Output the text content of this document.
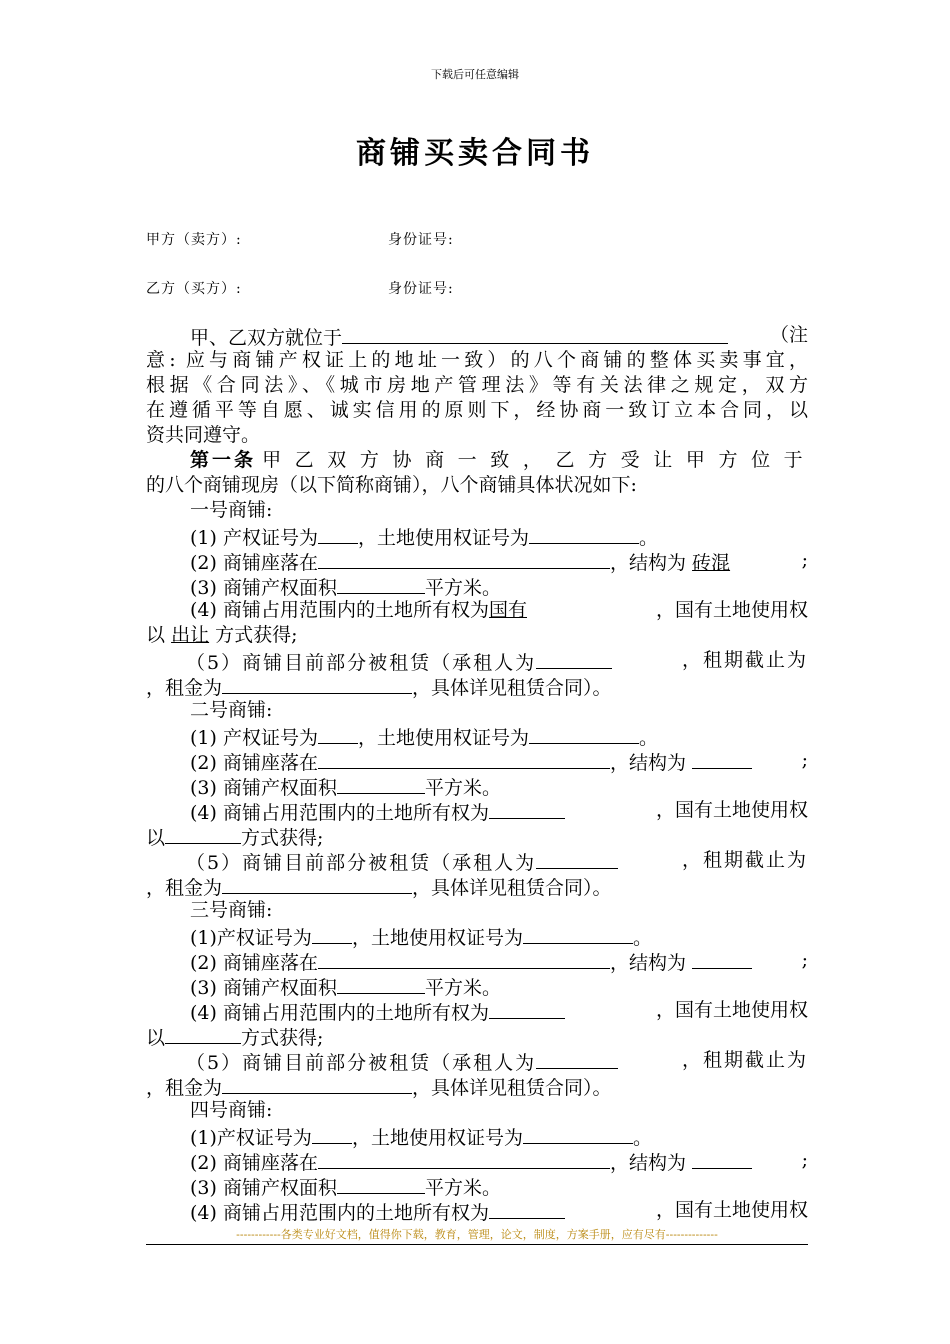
下载后可任意编辑
商铺买卖合同书
甲方（卖方）:	身份证号:
乙方（买方）:	身份证号:
甲、乙双方就位于	（注
意: 应与商铺产权证上的地址一致）的八个商铺的整体买卖事宜，
根据《合同法》、《城市房地产管理法》等有关法律之规定，双方
在遵循平等自愿、诚实信用的原则下，经协商一致订立本合同，以
资共同遵守。
第一条 甲乙双方协商一致，乙方受让甲方位于
的八个商铺现房（以下简称商铺），八个商铺具体状况如下:
一号商铺:
(1) 产权证号为 ，土地使用权证号为	。
(2) 商铺座落在	，结构为 砖混	;
(3) 商铺产权面积	平方米。
(4) 商铺占用范围内的土地所有权为国有	，国有土地使用权
以 出让 方式获得;
（5）商铺目前部分被租赁（承租人为	，租期截止为
，租金为	，具体详见租赁合同）。
二号商铺:
(1) 产权证号为 ，土地使用权证号为	。
(2) 商铺座落在	，结构为	;
(3) 商铺产权面积	平方米。
(4) 商铺占用范围内的土地所有权为	，国有土地使用权
以	方式获得;
（5）商铺目前部分被租赁（承租人为	，租期截止为
，租金为	，具体详见租赁合同）。
三号商铺:
(1)产权证号为 ，土地使用权证号为	。
(2) 商铺座落在	，结构为	;
(3) 商铺产权面积	平方米。
(4) 商铺占用范围内的土地所有权为	，国有土地使用权
以	方式获得;
（5）商铺目前部分被租赁（承租人为	，租期截止为
，租金为	，具体详见租赁合同）。
四号商铺:
(1)产权证号为 ，土地使用权证号为	。
(2) 商铺座落在	，结构为	;
(3) 商铺产权面积	平方米。
(4) 商铺占用范围内的土地所有权为	，国有土地使用权
------------各类专业好文档，值得你下载，教育，管理，论文，制度，方案手册，应有尽有--------------
